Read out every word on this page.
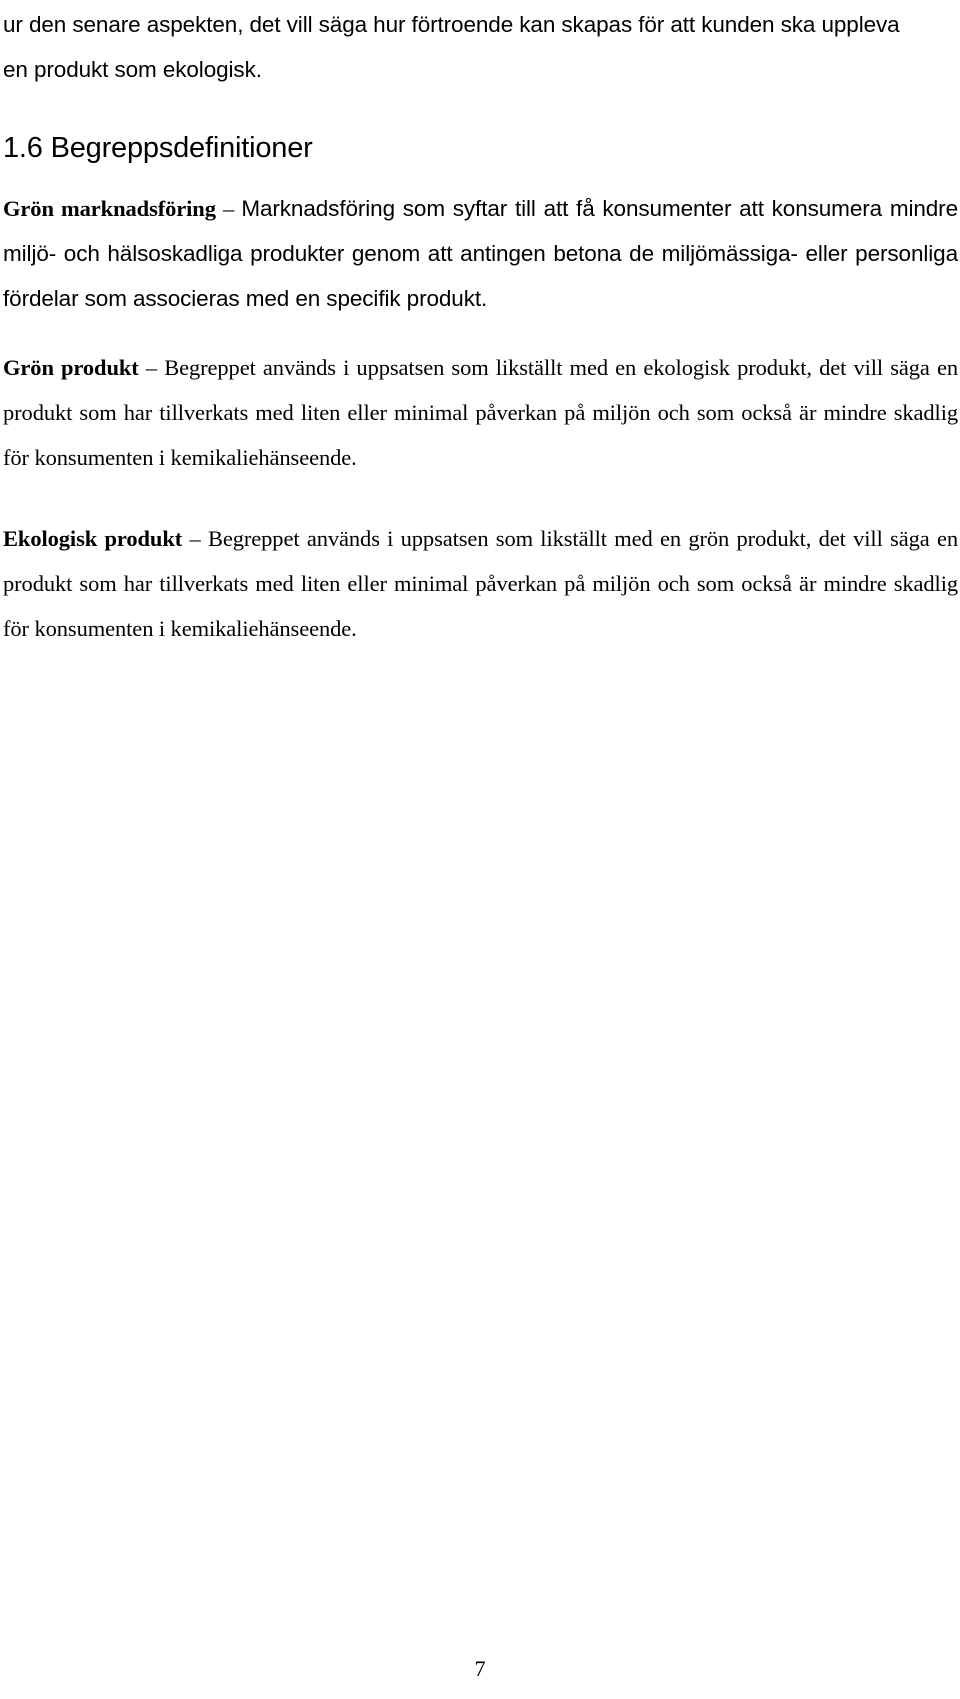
ur den senare aspekten, det vill säga hur förtroende kan skapas för att kunden ska uppleva
en produkt som ekologisk.

1.6 Begreppsdefinitioner

Grön marknadsföring – Marknadsföring som syftar till att få konsumenter att konsumera mindre miljö- och hälsoskadliga produkter genom att antingen betona de miljömässiga- eller personliga fördelar som associeras med en specifik produkt.

Grön produkt – Begreppet används i uppsatsen som likställt med en ekologisk produkt, det vill säga en produkt som har tillverkats med liten eller minimal påverkan på miljön och som också är mindre skadlig för konsumenten i kemikaliehänseende.

Ekologisk produkt – Begreppet används i uppsatsen som likställt med en grön produkt, det vill säga en produkt som har tillverkats med liten eller minimal påverkan på miljön och som också är mindre skadlig för konsumenten i kemikaliehänseende.

7
